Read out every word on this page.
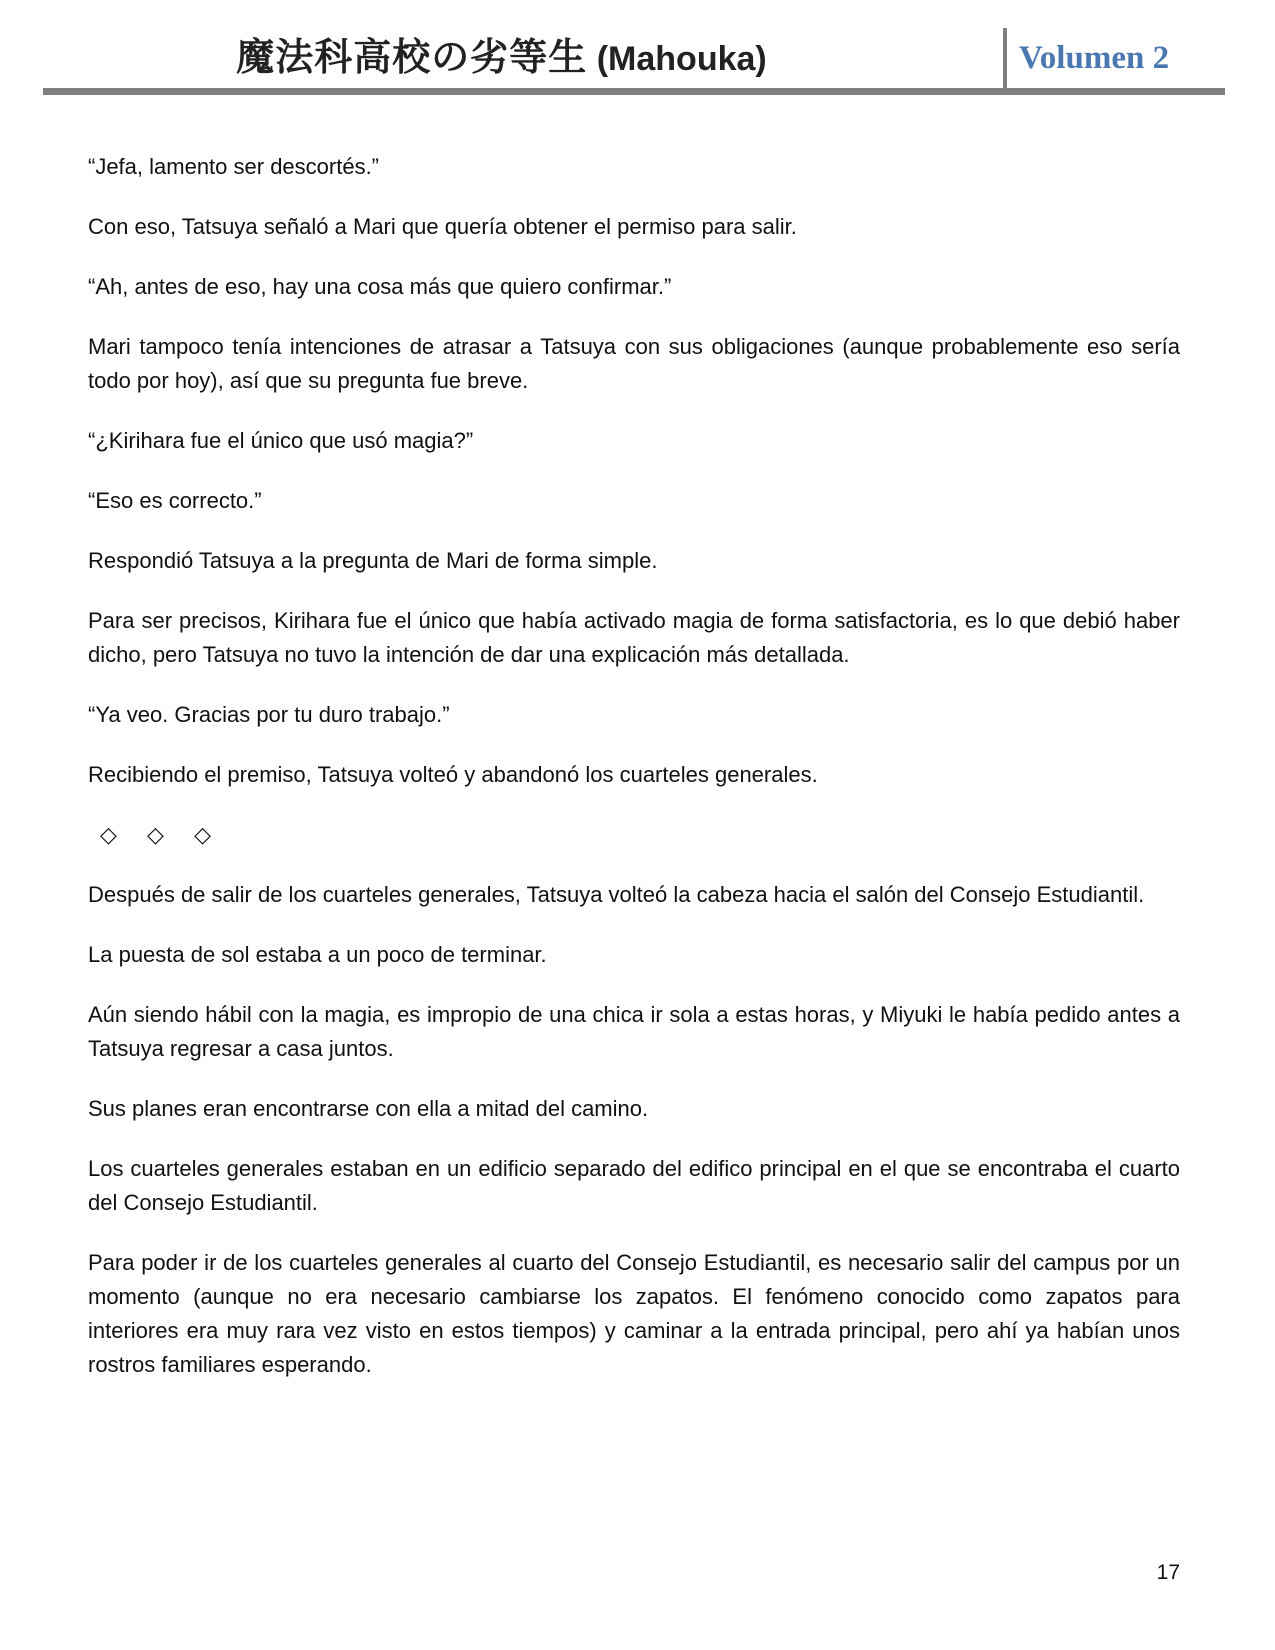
魔法科高校の劣等生 (Mahouka)	Volumen 2

“Jefa, lamento ser descortés.”

Con eso, Tatsuya señaló a Mari que quería obtener el permiso para salir.

“Ah, antes de eso, hay una cosa más que quiero confirmar.”

Mari tampoco tenía intenciones de atrasar a Tatsuya con sus obligaciones (aunque probablemente eso sería todo por hoy), así que su pregunta fue breve.

“¿Kirihara fue el único que usó magia?”

“Eso es correcto.”

Respondió Tatsuya a la pregunta de Mari de forma simple.

Para ser precisos, Kirihara fue el único que había activado magia de forma satisfactoria, es lo que debió haber dicho, pero Tatsuya no tuvo la intención de dar una explicación más detallada.

“Ya veo. Gracias por tu duro trabajo.”

Recibiendo el premiso, Tatsuya volteó y abandonó los cuarteles generales.

◇ ◇ ◇

Después de salir de los cuarteles generales, Tatsuya volteó la cabeza hacia el salón del Consejo Estudiantil.

La puesta de sol estaba a un poco de terminar.

Aún siendo hábil con la magia, es impropio de una chica ir sola a estas horas, y Miyuki le había pedido antes a Tatsuya regresar a casa juntos.

Sus planes eran encontrarse con ella a mitad del camino.

Los cuarteles generales estaban en un edificio separado del edifico principal en el que se encontraba el cuarto del Consejo Estudiantil.

Para poder ir de los cuarteles generales al cuarto del Consejo Estudiantil, es necesario salir del campus por un momento (aunque no era necesario cambiarse los zapatos. El fenómeno conocido como zapatos para interiores era muy rara vez visto en estos tiempos) y caminar a la entrada principal, pero ahí ya habían unos rostros familiares esperando.

17
